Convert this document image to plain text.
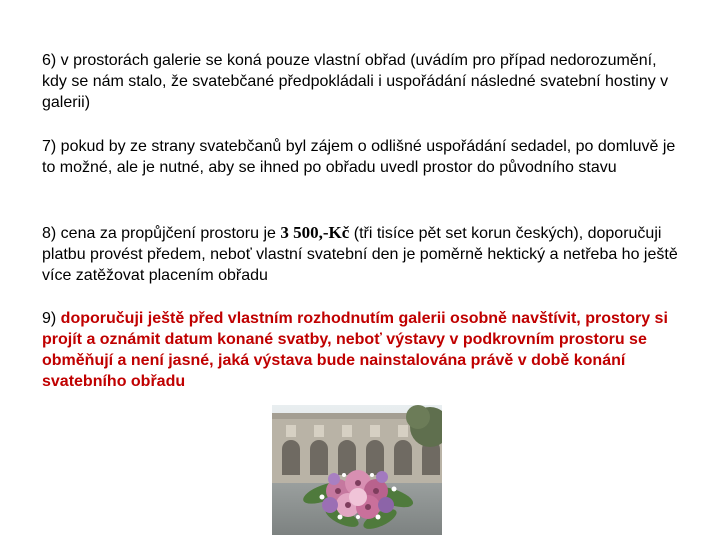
6) v prostorách galerie se koná pouze vlastní obřad (uvádím pro případ nedorozumění, kdy se nám stalo, že svatebčané předpokládali i uspořádání následné svatební hostiny v galerii)

7) pokud by ze strany svatebčanů byl zájem o odlišné uspořádání sedadel, po domluvě je to možné, ale je nutné, aby se ihned po obřadu uvedl prostor do původního stavu

8) cena za propůjčení prostoru je 3 500,-Kč (tři tisíce pět set korun českých), doporučuji platbu provést předem, neboť vlastní svatební den je poměrně hektický a netřeba ho ještě více zatěžovat placením obřadu

9) doporučuji ještě před vlastním rozhodnutím galerii osobně navštívit, prostory si projít a oznámit datum konané svatby, neboť výstavy v podkrovním prostoru se obměňují a není jasné, jaká výstava bude nainstalována právě v době konání svatebního obřadu
